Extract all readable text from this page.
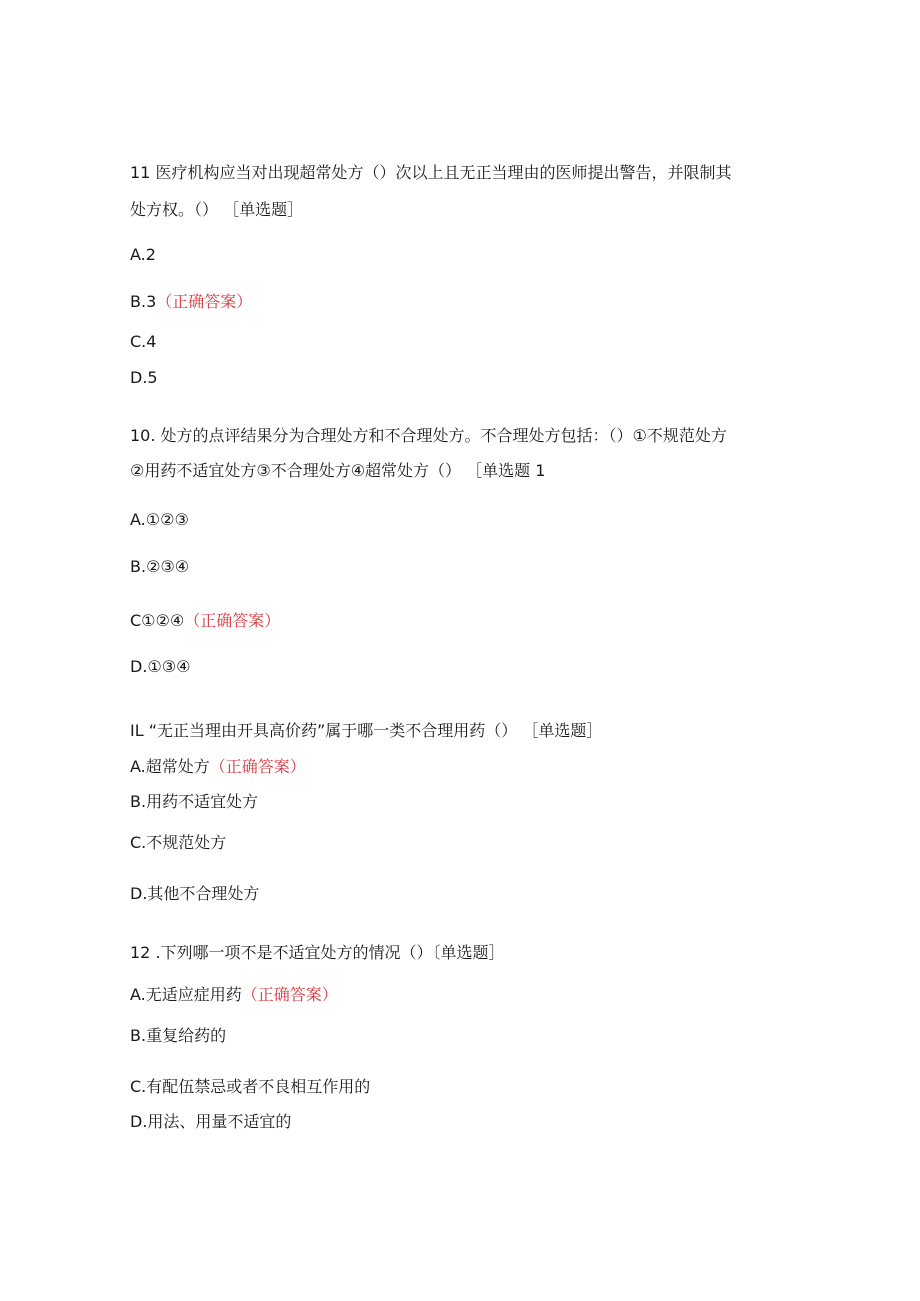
11 医疗机构应当对出现超常处方（）次以上且无正当理由的医师提出警告，并限制其
处方权。（） ［单选题］
A.2
B.3（正确答案）
C.4
D.5
10. 处方的点评结果分为合理处方和不合理处方。不合理处方包括：（）①不规范处方
②用药不适宜处方③不合理处方④超常处方（） ［单选题 1
A.①②③
B.②③④
C①②④（正确答案）
D.①③④
IL “无正当理由开具高价药”属于哪一类不合理用药（） ［单选题］
A.超常处方（正确答案）
B.用药不适宜处方
C.不规范处方
D.其他不合理处方
12 .下列哪一项不是不适宜处方的情况（）〔单选题］
A.无适应症用药（正确答案）
B.重复给药的
C.有配伍禁忌或者不良相互作用的
D.用法、用量不适宜的
